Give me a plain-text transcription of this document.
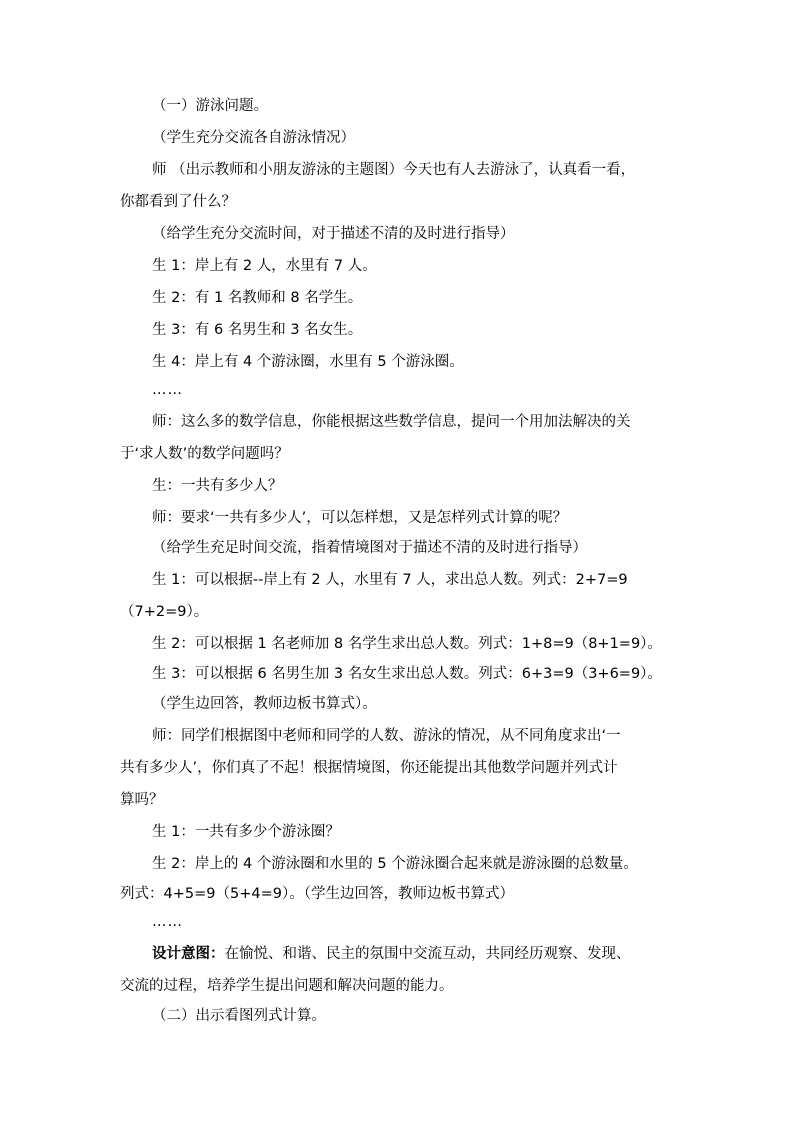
（一）游泳问题。
（学生充分交流各自游泳情况）
师 （出示教师和小朋友游泳的主题图）今天也有人去游泳了，认真看一看，
你都看到了什么？
（给学生充分交流时间，对于描述不清的及时进行指导）
生 1：岸上有 2 人，水里有 7 人。
生 2：有 1 名教师和 8 名学生。
生 3：有 6 名男生和 3 名女生。
生 4：岸上有 4 个游泳圈，水里有 5 个游泳圈。
……
师：这么多的数学信息，你能根据这些数学信息，提问一个用加法解决的关
于‘求人数’的数学问题吗？
生：一共有多少人？
师：要求‘一共有多少人’，可以怎样想，又是怎样列式计算的呢？
（给学生充足时间交流，指着情境图对于描述不清的及时进行指导）
生 1：可以根据--岸上有 2 人，水里有 7 人，求出总人数。列式：2+7=9
（7+2=9）。
生 2：可以根据 1 名老师加 8 名学生求出总人数。列式：1+8=9（8+1=9）。
生 3：可以根据 6 名男生加 3 名女生求出总人数。列式：6+3=9（3+6=9）。
（学生边回答，教师边板书算式）。
师：同学们根据图中老师和同学的人数、游泳的情况，从不同角度求出‘一
共有多少人’，你们真了不起！根据情境图，你还能提出其他数学问题并列式计
算吗？
生 1：一共有多少个游泳圈？
生 2：岸上的 4 个游泳圈和水里的 5 个游泳圈合起来就是游泳圈的总数量。
列式：4+5=9（5+4=9）。（学生边回答，教师边板书算式）
……
设计意图：在愉悦、和谐、民主的氛围中交流互动，共同经历观察、发现、
交流的过程，培养学生提出问题和解决问题的能力。
（二）出示看图列式计算。
